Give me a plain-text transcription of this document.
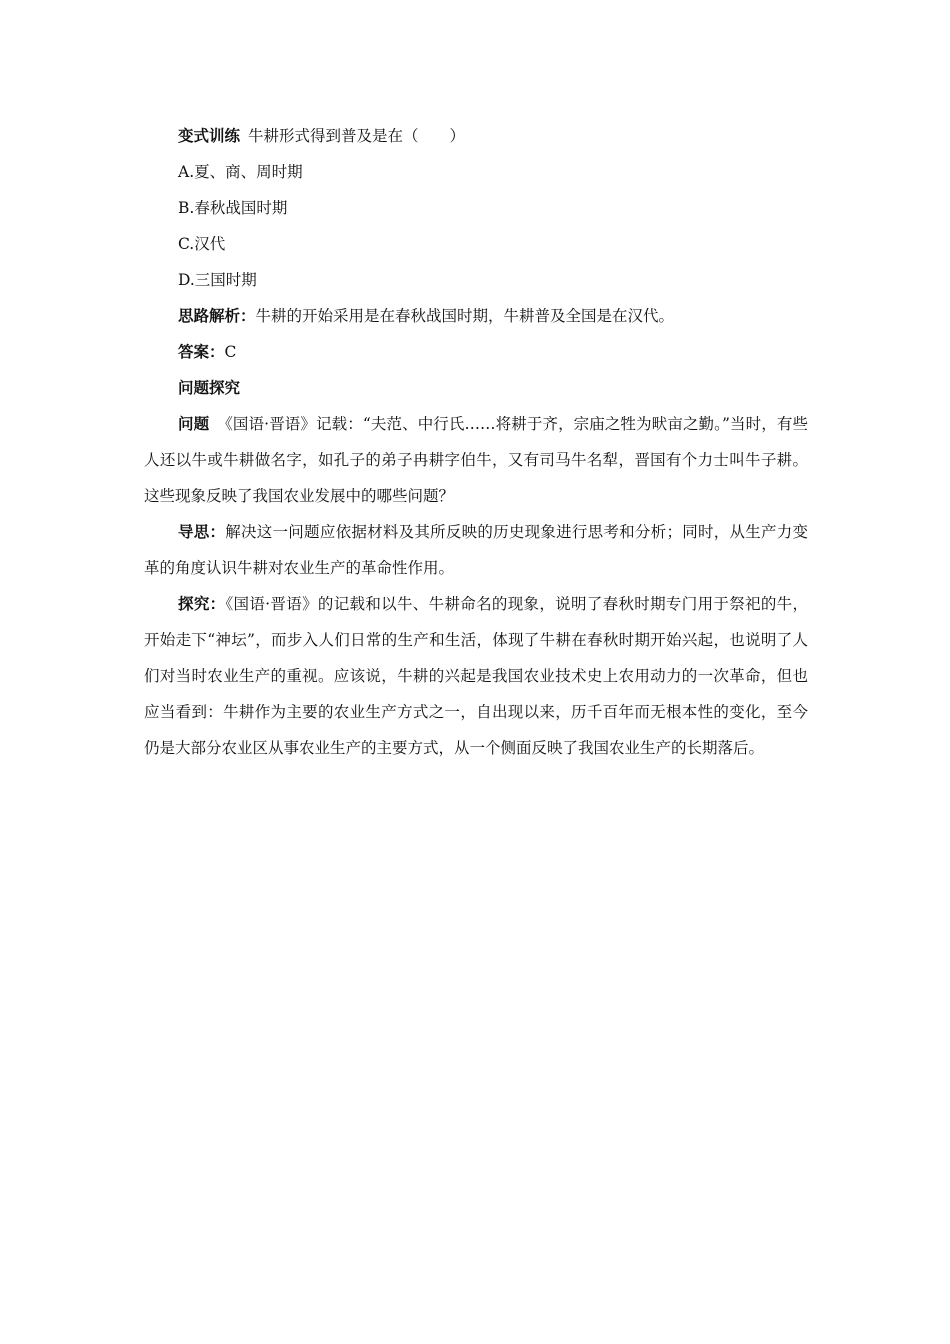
变式训练 牛耕形式得到普及是在（　　）

A.夏、商、周时期

B.春秋战国时期

C.汉代

D.三国时期

思路解析：牛耕的开始采用是在春秋战国时期，牛耕普及全国是在汉代。

答案：C

问题探究

问题 《国语·晋语》记载：“夫范、中行氏……将耕于齐，宗庙之牲为畎亩之勤。”当时，有些人还以牛或牛耕做名字，如孔子的弟子冉耕字伯牛，又有司马牛名犁，晋国有个力士叫牛子耕。这些现象反映了我国农业发展中的哪些问题？

导思：解决这一问题应依据材料及其所反映的历史现象进行思考和分析；同时，从生产力变革的角度认识牛耕对农业生产的革命性作用。

探究：《国语·晋语》的记载和以牛、牛耕命名的现象，说明了春秋时期专门用于祭祀的牛，开始走下“神坛”，而步入人们日常的生产和生活，体现了牛耕在春秋时期开始兴起，也说明了人们对当时农业生产的重视。应该说，牛耕的兴起是我国农业技术史上农用动力的一次革命，但也应当看到：牛耕作为主要的农业生产方式之一，自出现以来，历千百年而无根本性的变化，至今仍是大部分农业区从事农业生产的主要方式，从一个侧面反映了我国农业生产的长期落后。
